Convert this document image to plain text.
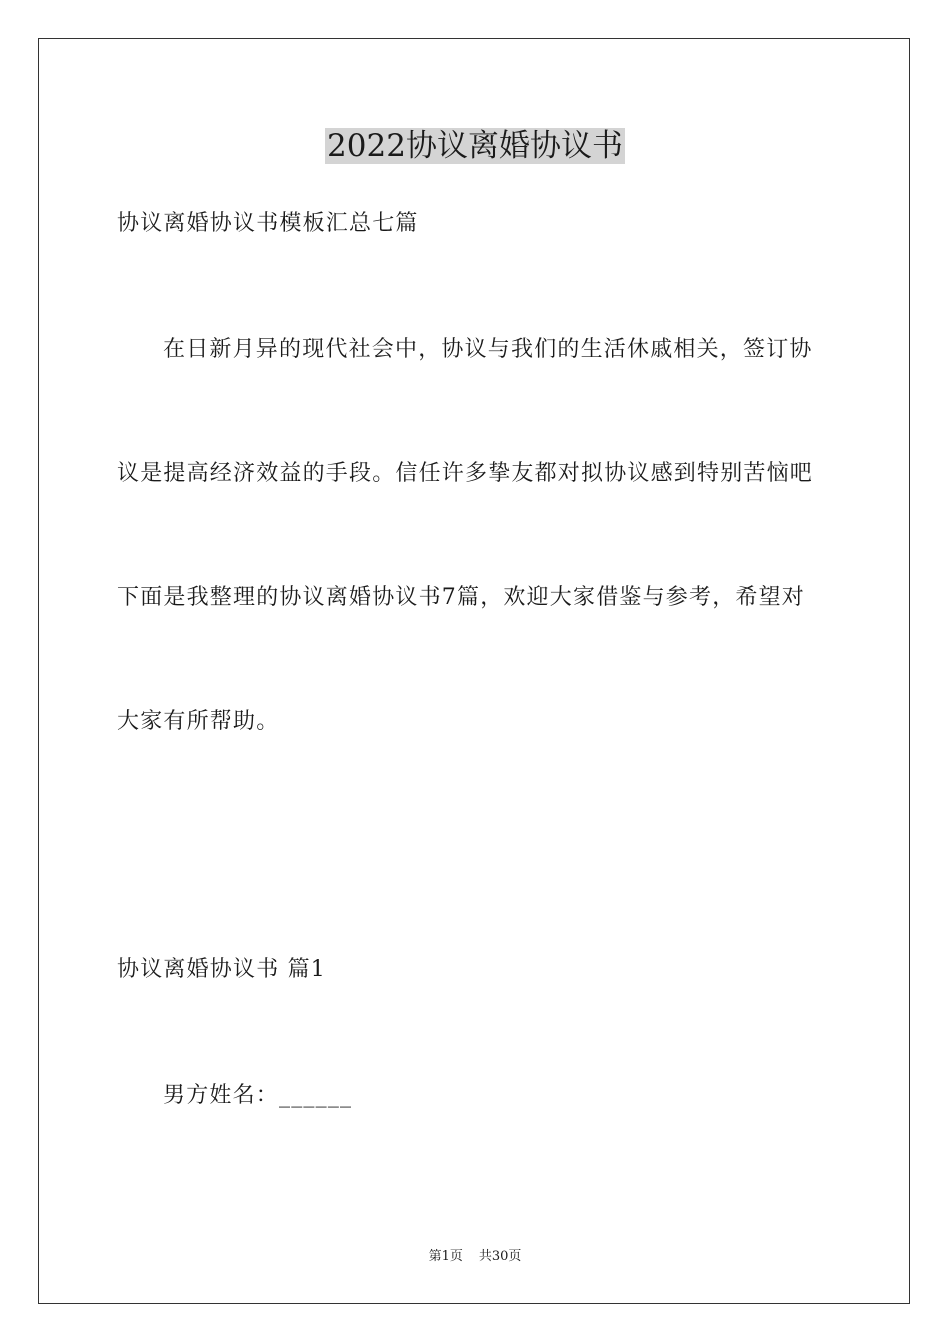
2022协议离婚协议书
协议离婚协议书模板汇总七篇
在日新月异的现代社会中，协议与我们的生活休戚相关，签订协
议是提高经济效益的手段。信任许多挚友都对拟协议感到特别苦恼吧
下面是我整理的协议离婚协议书7篇，欢迎大家借鉴与参考，希望对
大家有所帮助。
协议离婚协议书 篇1
男方姓名：______
第1页 共30页
